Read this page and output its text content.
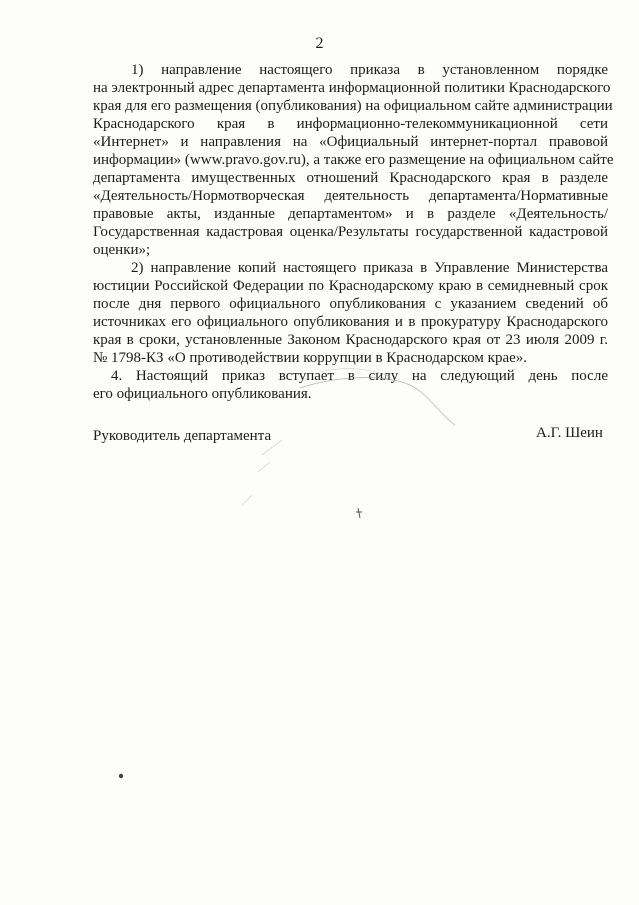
2
1) направление настоящего приказа в установленном порядке
на электронный адрес департамента информационной политики Краснодарского
края для его размещения (опубликования) на официальном сайте администрации
Краснодарского края в информационно-телекоммуникационной сети
«Интернет» и направления на «Официальный интернет-портал правовой
информации» (www.pravo.gov.ru), а также его размещение на официальном сайте
департамента имущественных отношений Краснодарского края в разделе
«Деятельность/Нормотворческая деятельность департамента/Нормативные
правовые акты, изданные департаментом» и в разделе «Деятельность/
Государственная кадастровая оценка/Результаты государственной кадастровой
оценки»;
2) направление копий настоящего приказа в Управление Министерства
юстиции Российской Федерации по Краснодарскому краю в семидневный срок
после дня первого официального опубликования с указанием сведений об
источниках его официального опубликования и в прокуратуру Краснодарского
края в сроки, установленные Законом Краснодарского края от 23 июля 2009 г.
№ 1798-КЗ «О противодействии коррупции в Краснодарском крае».
4. Настоящий приказ вступает в силу на следующий день после
его официального опубликования.
Руководитель департамента	А.Г. Шеин
